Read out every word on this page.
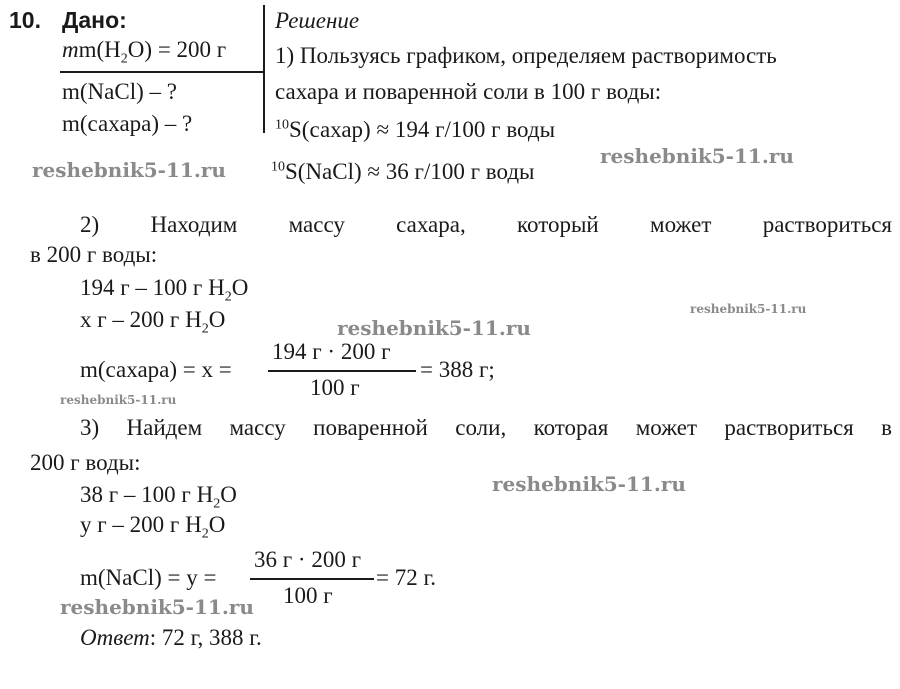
10. Дано:	Решение
$mm(H_2O) = 200$ г
m(NaCl) – ?
m(сахара) – ?
1) Пользуясь графиком, определяем растворимость
сахара и поваренной соли в 100 г воды:
$^{10}$S(сахар) ≈ 194 г/100 г воды
$^{10}$S(NaCl) ≈ 36 г/100 г воды
2) Находим массу сахара, который может раствориться
в 200 г воды:
194 г – 100 г $H_2O$
x г – 200 г $H_2O$
m(сахара) = x =
194 г · 200 г
100 г
= 388 г;
3) Найдем массу поваренной соли, которая может раствориться в
200 г воды:
38 г – 100 г $H_2O$
y г – 200 г $H_2O$
m(NaCl) = y =
36 г · 200 г
100 г
= 72 г.
Ответ: 72 г, 388 г.
reshebnik5-11.ru
reshebnik5-11.ru
reshebnik5-11.ru
reshebnik5-11.ru
reshebnik5-11.ru
reshebnik5-11.ru
reshebnik5-11.ru
